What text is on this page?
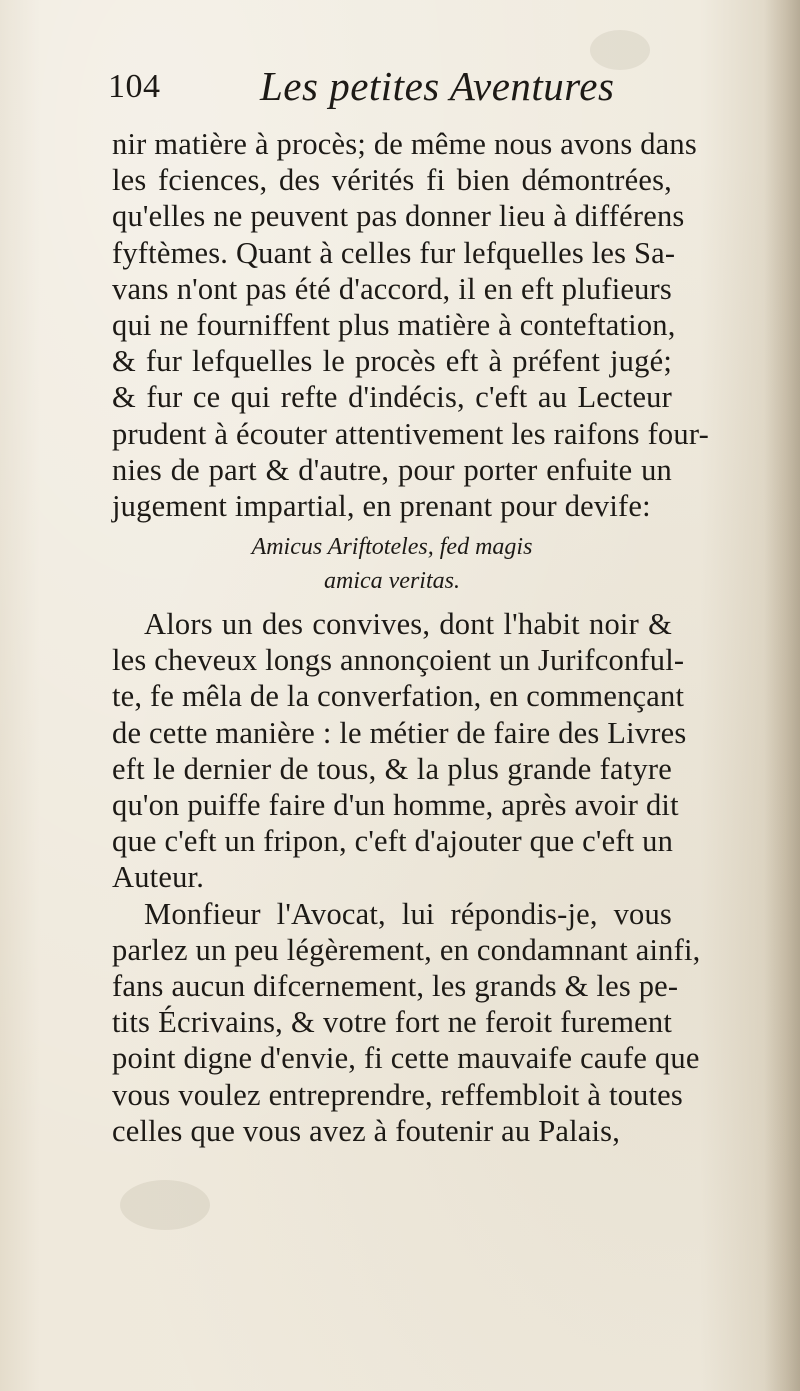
104 Les petites Aventures
nir matière à procès; de même nous avons dans
les fciences, des vérités fi bien démontrées,
qu'elles ne peuvent pas donner lieu à différens
fyftèmes. Quant à celles fur lefquelles les Sa-
vans n'ont pas été d'accord, il en eft plufieurs
qui ne fourniffent plus matière à conteftation,
& fur lefquelles le procès eft à préfent jugé;
& fur ce qui refte d'indécis, c'eft au Lecteur
prudent à écouter attentivement les raifons four-
nies de part & d'autre, pour porter enfuite un
jugement impartial, en prenant pour devife:
Amicus Ariftoteles, fed magis
amica veritas.
Alors un des convives, dont l'habit noir &
les cheveux longs annonçoient un Jurifconful-
te, fe mêla de la converfation, en commençant
de cette manière : le métier de faire des Livres
eft le dernier de tous, & la plus grande fatyre
qu'on puiffe faire d'un homme, après avoir dit
que c'eft un fripon, c'eft d'ajouter que c'eft un
Auteur.
Monfieur l'Avocat, lui répondis-je, vous
parlez un peu légèrement, en condamnant ainfi,
fans aucun difcernement, les grands & les pe-
tits Écrivains, & votre fort ne feroit furement
point digne d'envie, fi cette mauvaife caufe que
vous voulez entreprendre, reffembloit à toutes
celles que vous avez à foutenir au Palais,
